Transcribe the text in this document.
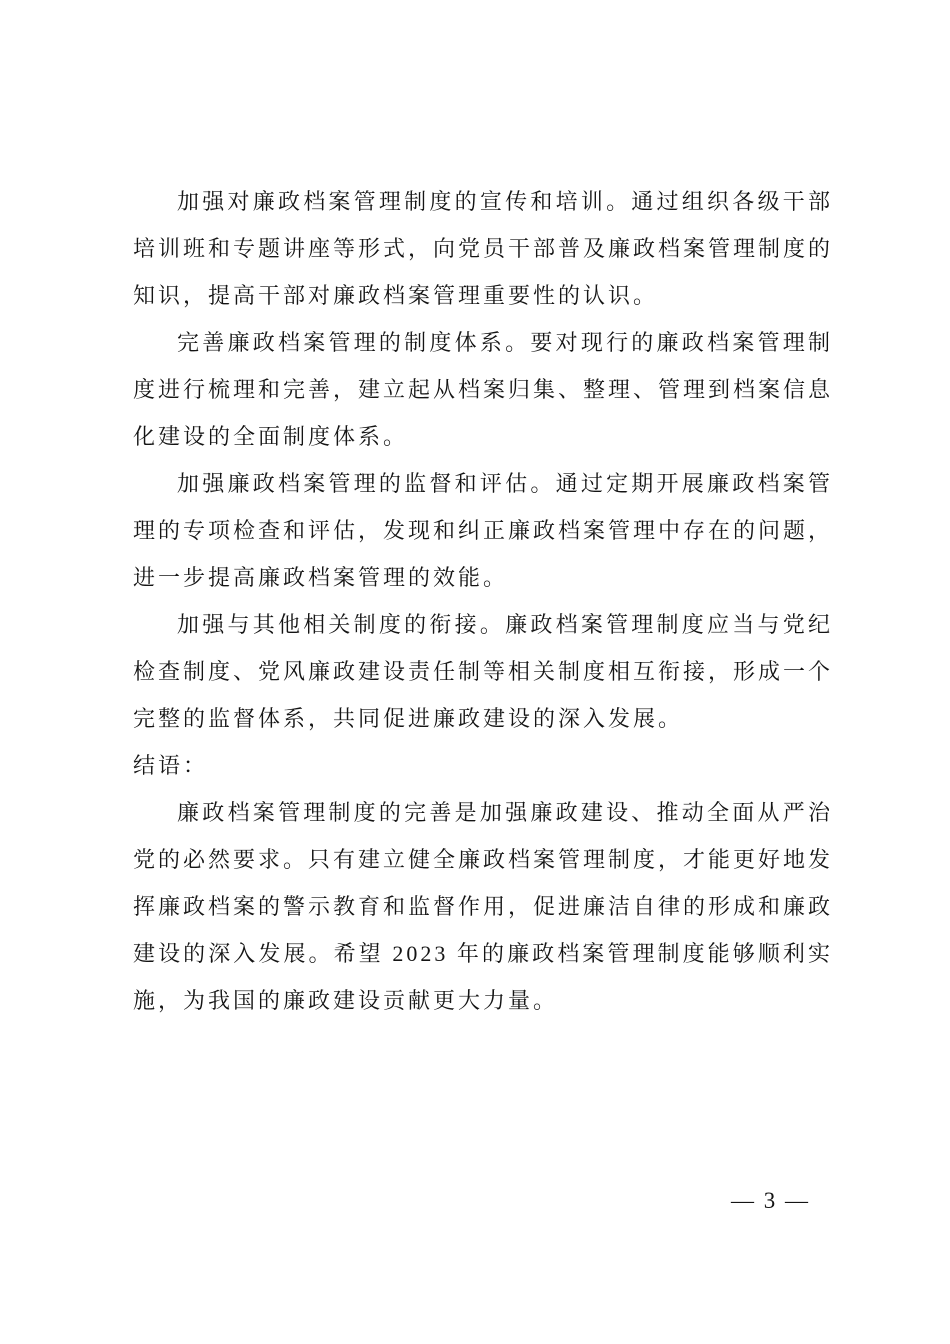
加强对廉政档案管理制度的宣传和培训。通过组织各级干部培训班和专题讲座等形式，向党员干部普及廉政档案管理制度的知识，提高干部对廉政档案管理重要性的认识。

完善廉政档案管理的制度体系。要对现行的廉政档案管理制度进行梳理和完善，建立起从档案归集、整理、管理到档案信息化建设的全面制度体系。

加强廉政档案管理的监督和评估。通过定期开展廉政档案管理的专项检查和评估，发现和纠正廉政档案管理中存在的问题，进一步提高廉政档案管理的效能。

加强与其他相关制度的衔接。廉政档案管理制度应当与党纪检查制度、党风廉政建设责任制等相关制度相互衔接，形成一个完整的监督体系，共同促进廉政建设的深入发展。

结语：

廉政档案管理制度的完善是加强廉政建设、推动全面从严治党的必然要求。只有建立健全廉政档案管理制度，才能更好地发挥廉政档案的警示教育和监督作用，促进廉洁自律的形成和廉政建设的深入发展。希望 2023 年的廉政档案管理制度能够顺利实施，为我国的廉政建设贡献更大力量。

— 3 —
